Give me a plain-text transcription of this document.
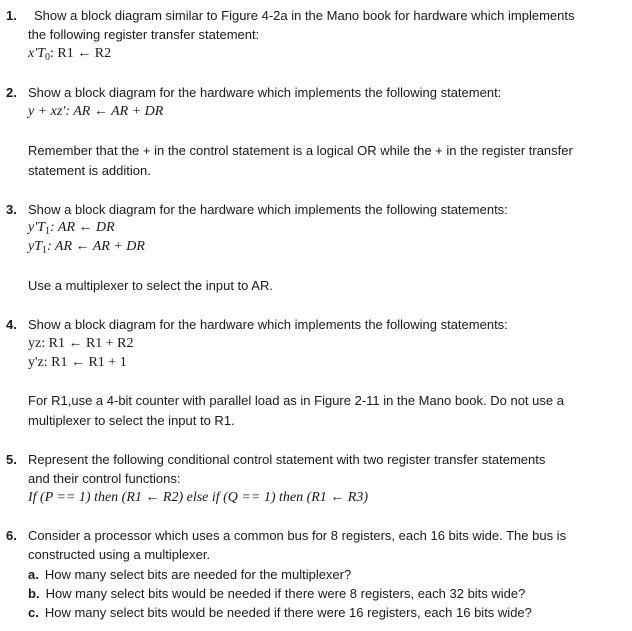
1. Show a block diagram similar to Figure 4-2a in the Mano book for hardware which implements
the following register transfer statement:
$x'T_0$: R1 ← R2
2. Show a block diagram for the hardware which implements the following statement:
y + xz': AR ← AR + DR
Remember that the + in the control statement is a logical OR while the + in the register transfer
statement is addition.
3. Show a block diagram for the hardware which implements the following statements:
$y'T_1$: AR ← DR
$yT_1$: AR ← AR + DR
Use a multiplexer to select the input to AR.
4. Show a block diagram for the hardware which implements the following statements:
yz: R1 ← R1 + R2
y'z: R1 ← R1 + 1
For R1,use a 4-bit counter with parallel load as in Figure 2-11 in the Mano book. Do not use a
multiplexer to select the input to R1.
5. Represent the following conditional control statement with two register transfer statements
and their control functions:
If (P == 1) then (R1 ← R2) else if (Q == 1) then (R1 ← R3)
6. Consider a processor which uses a common bus for 8 registers, each 16 bits wide. The bus is
constructed using a multiplexer.
a. How many select bits are needed for the multiplexer?
b. How many select bits would be needed if there were 8 registers, each 32 bits wide?
c. How many select bits would be needed if there were 16 registers, each 16 bits wide?
